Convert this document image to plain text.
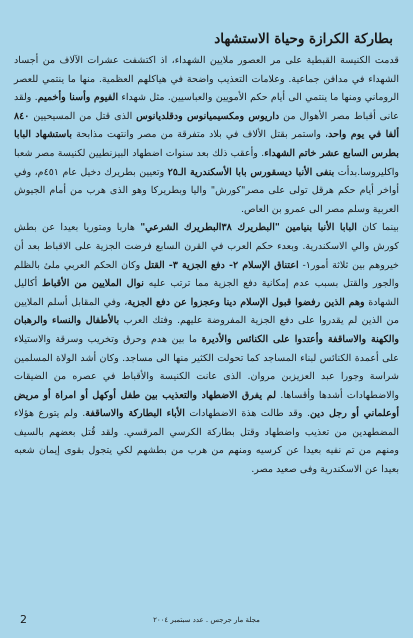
بطاركة الكرازة وحياة الاستشهاد

قدمت الكنيسة القبطية على مر العصور ملايين الشهداء، اذ اكتشفت عشرات الآلاف من أجساد الشهداء في مدافن جماعية. وعلامات التعذيب واضحة في هياكلهم العظمية. منها ما ينتمي للعصر الروماني ومنها ما ينتمي الى أيام حكم الأمويين والعباسيين. مثل شهداء الفيوم وأسنا وأخميم. ولقد عانى أقباط مصر الأهوال من داريوس ومكسيميانوس ودقلديانوس الذى قتل من المسيحيين ٨٤٠ ألفا في يوم واحد، واستمر بقتل الألاف في بلاد متفرقة من مصر وانتهت مذابحة باستشهاد البابا بطرس السابع عشر خاتم الشهداء. وأعقب ذلك بعد سنوات اضطهاد البيزنطيين لكنيسة مصر شعبا واكليروسا.بدأت بنفى الأنبا ديسقورس بابا الأسكندرية الـ٢٥ وتعيين بطريرك دخيل عام ٤٥١م، وفي أواخر أيام حكم هرقل تولى على مصر"كورش" واليا وبطريركا وهو الذى هرب من أمام الجيوش العربية وسلم مصر الى عمرو بن العاص.

بينما كان البابا الأنبا بنيامين "البطريرك ٣٨البطريرك الشرعي" هاربا ومتوريا بعيدا عن بطش كورش والي الاسكندرية. وبعدء حكم العرب في القرن السابع فرضت الجزية على الاقباط بعد أن خيروهم بين ثلاثة أمور١- اعتناق الإسلام ٢- دفع الجزية ٣- القتل وكان الحكم العربي ملئ بالظلم والجور والقتل بسبب عدم إمكانية دفع الجزية مما ترتب عليه نوال الملايين من الأقباط أكاليل الشهادة وهم الذين رفضوا قبول الإسلام دينا وعجزوا عن دفع الجزية، وفي المقابل أسلم الملايين من الذين لم يقدروا على دفع الجزية المفروضة عليهم. وفتك العرب بالأطفال والنساء والرهبان والكهنة والاساقفة وأعتدوا على الكنائس والأديرة ما بين هدم وحرق وتخريب وسرقة والاستيلاء على أعمدة الكنائس لبناء المساجد كما تحولت الكثير منها الى مساجد. وكان أشد الولاة المسلمين شراسة وجورا عبد العزيزبن مروان. الذى عانت الكنيسة والأقباط في عصره من الضيقات والاضطهادات أشدها وأقساها. لم يفرق الاضطهاد والتعذيب بين طفل أوكهل أو امراة أو مريض أوعلماني أو رجل دين. وقد طالت هذة الاضطهادات الأباء البطاركة والاساقفة. ولم يتورع هؤلاء المضطهدين من تعذيب واضطهاد وقتل بطاركة الكرسي المرقسي. ولقد قُتل بعضهم بالسيف ومنهم من تم نفيه بعيدا عن كرسيه ومنهم من هرب من بطشهم لكي يتجول بقوى إيمان شعبه بعيدا عن الاسكندرية وفى صعيد مصر.

مجلة مار جرجس . عدد سبتمبر ٢٠٠٤
2
